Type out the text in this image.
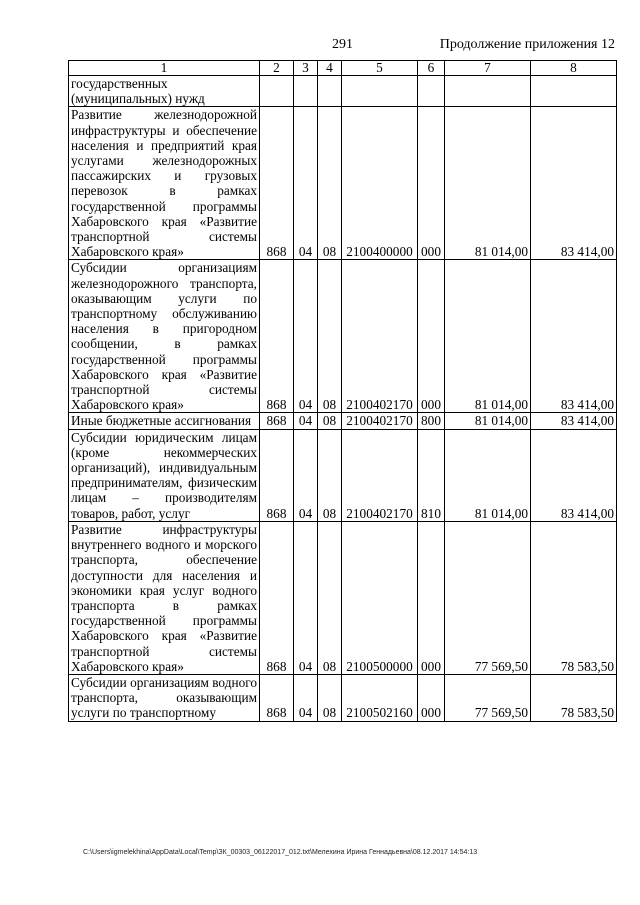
291	Продолжение приложения 12
1	2	3	4	5	6	7	8
государственных (муниципальных) нужд							
Развитие железнодорожной инфраструктуры и обеспечение населения и предприятий края услугами железнодорожных пассажирских и грузовых перевозок в рамках государственной программы Хабаровского края «Развитие транспортной системы Хабаровского края»	868	04	08	2100400000	000	81 014,00	83 414,00
Субсидии организациям железнодорожного транспорта, оказывающим услуги по транспортному обслуживанию населения в пригородном сообщении, в рамках государственной программы Хабаровского края «Развитие транспортной системы Хабаровского края»	868	04	08	2100402170	000	81 014,00	83 414,00
Иные бюджетные ассигнования	868	04	08	2100402170	800	81 014,00	83 414,00
Субсидии юридическим лицам (кроме некоммерческих организаций), индивидуальным предпринимателям, физическим лицам – производителям товаров, работ, услуг	868	04	08	2100402170	810	81 014,00	83 414,00
Развитие инфраструктуры внутреннего водного и морского транспорта, обеспечение доступности для населения и экономики края услуг водного транспорта в рамках государственной программы Хабаровского края «Развитие транспортной системы Хабаровского края»	868	04	08	2100500000	000	77 569,50	78 583,50
Субсидии организациям водного транспорта, оказывающим услуги по транспортному	868	04	08	2100502160	000	77 569,50	78 583,50
C:\Users\igmelekhina\AppData\Local\Temp\ЗК_00303_06122017_012.txt\Мелехина Ирина Геннадьевна\08.12.2017 14:54:13
